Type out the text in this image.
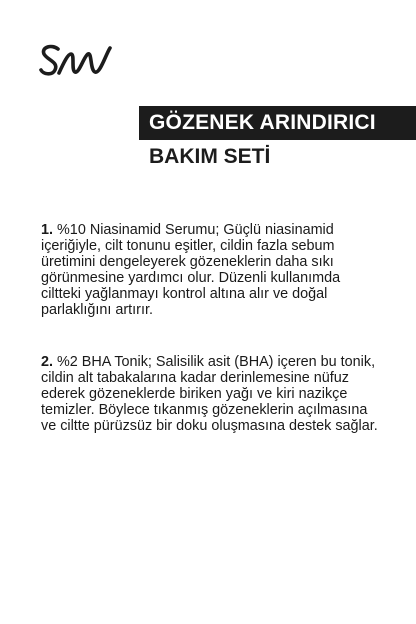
GÖZENEK ARINDIRICI
BAKIM SETİ

1. %10 Niasinamid Serumu; Güçlü niasinamid içeriğiyle, cilt tonunu eşitler, cildin fazla sebum üretimini dengeleyerek gözeneklerin daha sıkı görünmesine yardımcı olur. Düzenli kullanımda ciltteki yağlanmayı kontrol altına alır ve doğal parlaklığını artırır.

2. %2 BHA Tonik; Salisilik asit (BHA) içeren bu tonik, cildin alt tabakalarına kadar derinlemesine nüfuz ederek gözeneklerde biriken yağı ve kiri nazikçe temizler. Böylece tıkanmış gözeneklerin açılmasına ve ciltte pürüzsüz bir doku oluşmasına destek sağlar.
